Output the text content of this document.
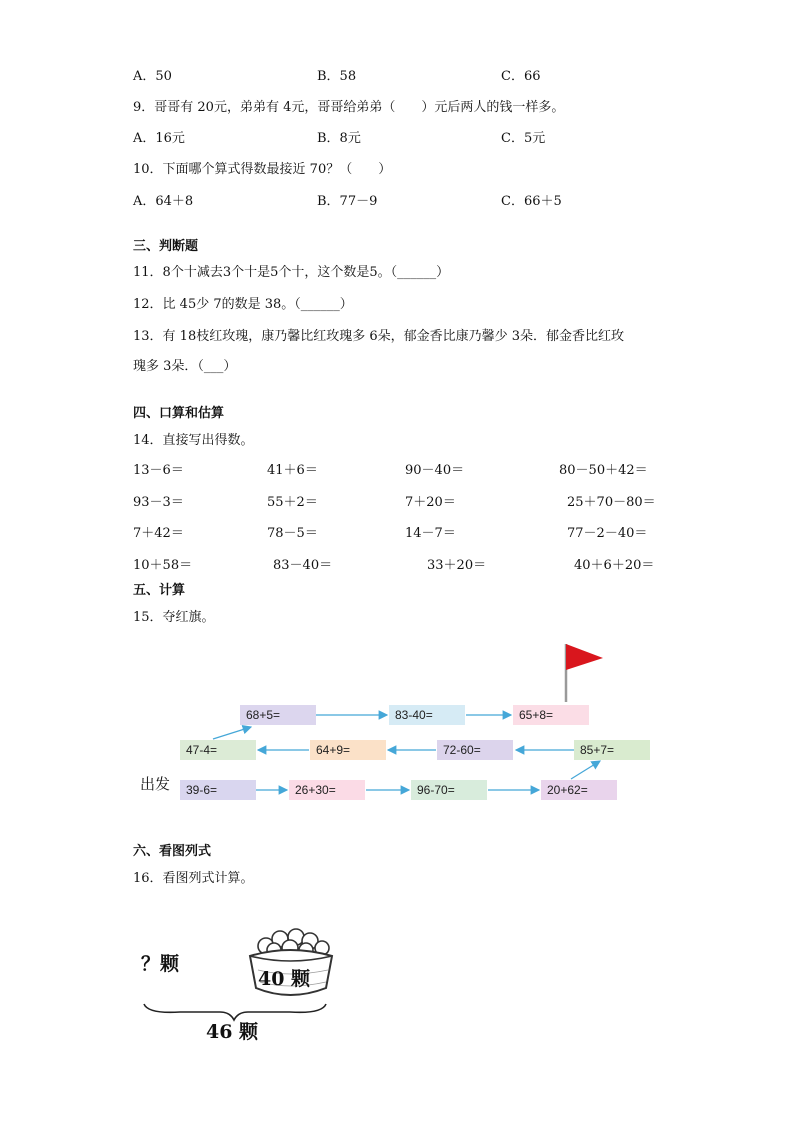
A．50	B．58	C．66
9．哥哥有 20元，弟弟有 4元，哥哥给弟弟（　　）元后两人的钱一样多。
A．16元	B．8元	C．5元
10．下面哪个算式得数最接近 70？（　　）
A．64＋8	B．77－9	C．66＋5
三、判断题
11．8个十减去3个十是5个十，这个数是5。（______）
12．比 45少 7的数是 38。（______）
13．有 18枝红玫瑰，康乃馨比红玫瑰多 6朵，郁金香比康乃馨少 3朵．郁金香比红玫
瑰多 3朵．（___）
四、口算和估算
14．直接写出得数。
13－6＝	41＋6＝	90－40＝	80－50＋42＝
93－3＝	55＋2＝	7＋20＝	25＋70－80＝
7＋42＝	78－5＝	14－7＝	77－2－40＝
10＋58＝	83－40＝	33＋20＝	40＋6＋20＝
五、计算
15．夺红旗。
68+5=	83-40=	65+8=
47-4=	64+9=	72-60=	85+7=
出发	39-6=	26+30=	96-70=	20+62=
六、看图列式
16．看图列式计算。
？颗
40 颗
46 颗
